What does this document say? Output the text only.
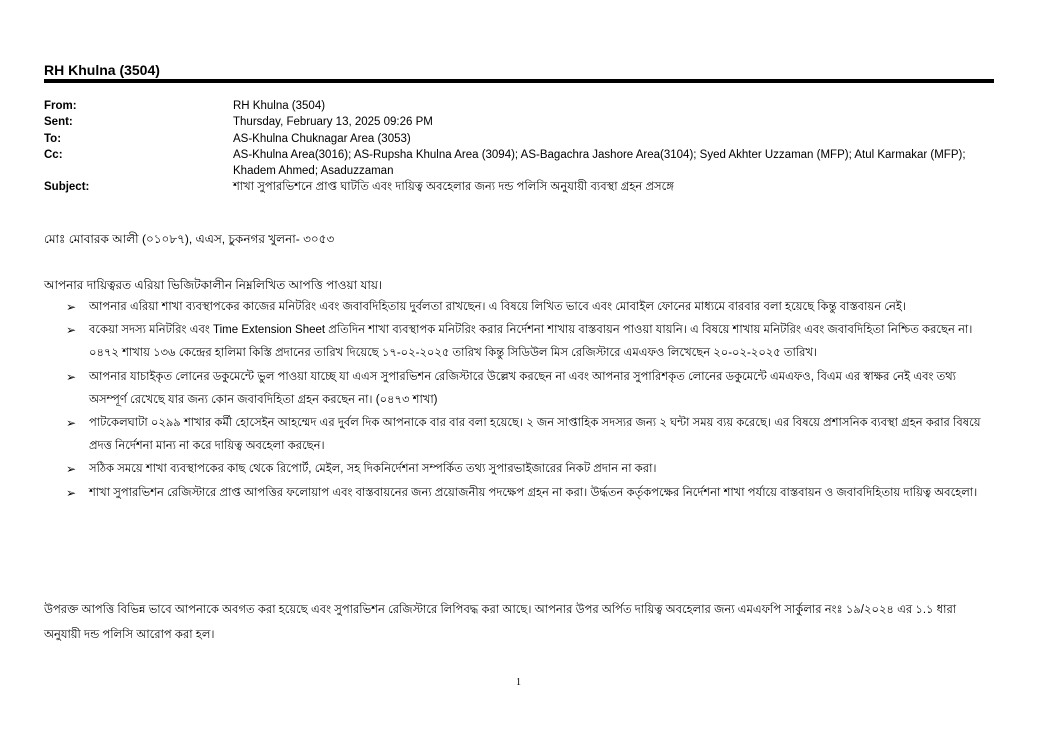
RH Khulna (3504)
From:	RH Khulna (3504)
Sent:	Thursday, February 13, 2025 09:26 PM
To:	AS-Khulna Chuknagar Area (3053)
Cc:	AS-Khulna Area(3016); AS-Rupsha Khulna Area (3094); AS-Bagachra Jashore Area(3104); Syed Akhter Uzzaman (MFP); Atul Karmakar (MFP); Khadem Ahmed; Asaduzzaman
Subject:	শাখা সুপারভিশনে প্রাপ্ত ঘাটতি এবং দায়িত্ব অবহেলার জন্য দন্ড পলিসি অনুযায়ী ব্যবস্থা গ্রহন প্রসঙ্গে
মোঃ মোবারক আলী (০১০৮৭), এএস, চুকনগর খুলনা- ৩০৫৩
আপনার দায়িত্বরত এরিয়া ভিজিটকালীন নিম্নলিখিত আপত্তি পাওয়া যায়।
➢ আপনার এরিয়া শাখা ব্যবস্থাপকের কাজের মনিটরিং এবং জবাবদিহিতায় দুর্বলতা রাখছেন। এ বিষয়ে লিখিত ভাবে এবং মোবাইল ফোনের মাধ্যমে বারবার বলা হয়েছে কিন্তু বাস্তবায়ন নেই।
➢ বকেয়া সদস্য মনিটরিং এবং Time Extension Sheet প্রতিদিন শাখা ব্যবস্থাপক মনিটরিং করার নির্দেশনা শাখায় বাস্তবায়ন পাওয়া যায়নি। এ বিষয়ে শাখায় মনিটরিং এবং জবাবদিহিতা নিশ্চিত করছেন না। ০৪৭২ শাখায় ১৩৬ কেন্দ্রের হালিমা কিস্তি প্রদানের তারিখ দিয়েছে ১৭-০২-২০২৫ তারিখ কিন্তু সিডিউল মিস রেজিস্টারে এমএফও লিখেছেন ২০-০২-২০২৫ তারিখ।
➢ আপনার যাচাইকৃত লোনের ডকুমেন্টে ভুল পাওয়া যাচ্ছে যা এএস সুপারভিশন রেজিস্টারে উল্লেখ করছেন না এবং আপনার সুপারিশকৃত লোনের ডকুমেন্টে এমএফও, বিএম এর স্বাক্ষর নেই এবং তথ্য অসম্পূর্ণ রেখেছে যার জন্য কোন জবাবদিহিতা গ্রহন করছেন না। (০৪৭৩ শাখা)
➢ পাটকেলঘাটা ০২৯৯ শাখার কর্মী হোসেইন আহম্মেদ এর দুর্বল দিক আপনাকে বার বার বলা হয়েছে। ২ জন সাপ্তাহিক সদস্যর জন্য ২ ঘন্টা সময় ব্যয় করেছে। এর বিষয়ে প্রশাসনিক ব্যবস্থা গ্রহন করার বিষয়ে প্রদত্ত নির্দেশনা মান্য না করে দায়িত্ব অবহেলা করছেন।
➢ সঠিক সময়ে শাখা ব্যবস্থাপকের কাছ থেকে রিপোর্ট, মেইল, সহ দিকনির্দেশনা সম্পর্কিত তথ্য সুপারভাইজারের নিকট প্রদান না করা।
➢ শাখা সুপারভিশন রেজিস্টারে প্রাপ্ত আপত্তির ফলোয়াপ এবং বাস্তবায়নের জন্য প্রয়োজনীয় পদক্ষেপ গ্রহন না করা। উর্দ্ধতন কর্তৃকপক্ষের নির্দেশনা শাখা পর্যায়ে বাস্তবায়ন ও জবাবদিহিতায় দায়িত্ব অবহেলা।

উপরক্ত আপত্তি বিভিন্ন ভাবে আপনাকে অবগত করা হয়েছে এবং সুপারভিশন রেজিস্টারে লিপিবদ্ধ করা আছে। আপনার উপর অর্পিত দায়িত্ব অবহেলার জন্য এমএফপি সার্কুলার নংঃ ১৯/২০২৪ এর ১.১ ধারা অনুযায়ী দন্ড পলিসি আরোপ করা হল।

1
